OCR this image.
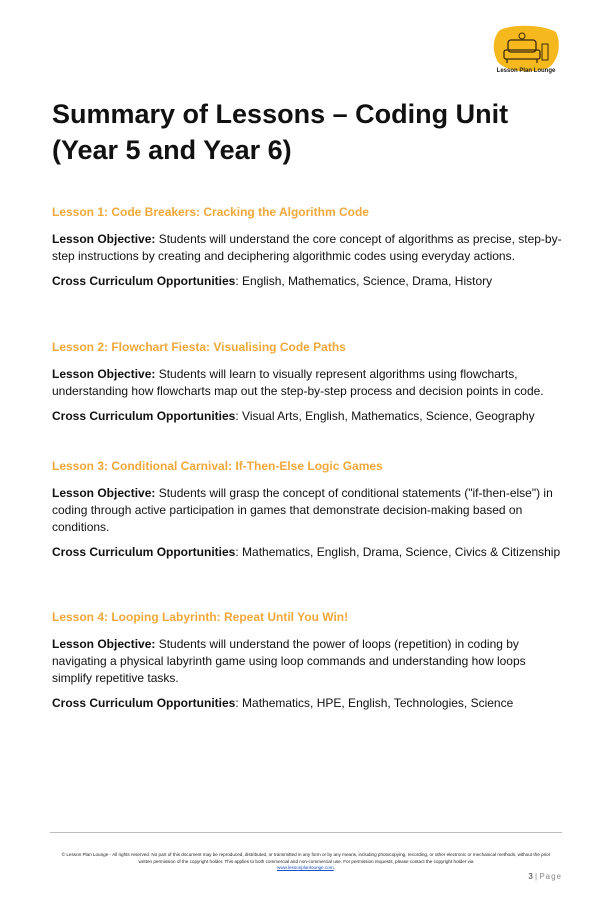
Lesson Plan Lounge
Summary of Lessons – Coding Unit (Year 5 and Year 6)
Lesson 1: Code Breakers: Cracking the Algorithm Code

Lesson Objective: Students will understand the core concept of algorithms as precise, step-by-step instructions by creating and deciphering algorithmic codes using everyday actions.

Cross Curriculum Opportunities: English, Mathematics, Science, Drama, History

Lesson 2: Flowchart Fiesta: Visualising Code Paths

Lesson Objective: Students will learn to visually represent algorithms using flowcharts, understanding how flowcharts map out the step-by-step process and decision points in code.

Cross Curriculum Opportunities: Visual Arts, English, Mathematics, Science, Geography

Lesson 3: Conditional Carnival: If-Then-Else Logic Games

Lesson Objective: Students will grasp the concept of conditional statements ("if-then-else") in coding through active participation in games that demonstrate decision-making based on conditions.

Cross Curriculum Opportunities: Mathematics, English, Drama, Science, Civics & Citizenship

Lesson 4: Looping Labyrinth: Repeat Until You Win!

Lesson Objective: Students will understand the power of loops (repetition) in coding by navigating a physical labyrinth game using loop commands and understanding how loops simplify repetitive tasks.

Cross Curriculum Opportunities: Mathematics, HPE, English, Technologies, Science

© Lesson Plan Lounge - All rights reserved. No part of this document may be reproduced, distributed, or transmitted in any form or by any means, including photocopying, recording, or other electronic or mechanical methods, without the prior written permission of the copyright holder. This applies to both commercial and non-commercial use. For permission requests, please contact the copyright holder via
www.lessonplanlounge.com.
3 | Page
